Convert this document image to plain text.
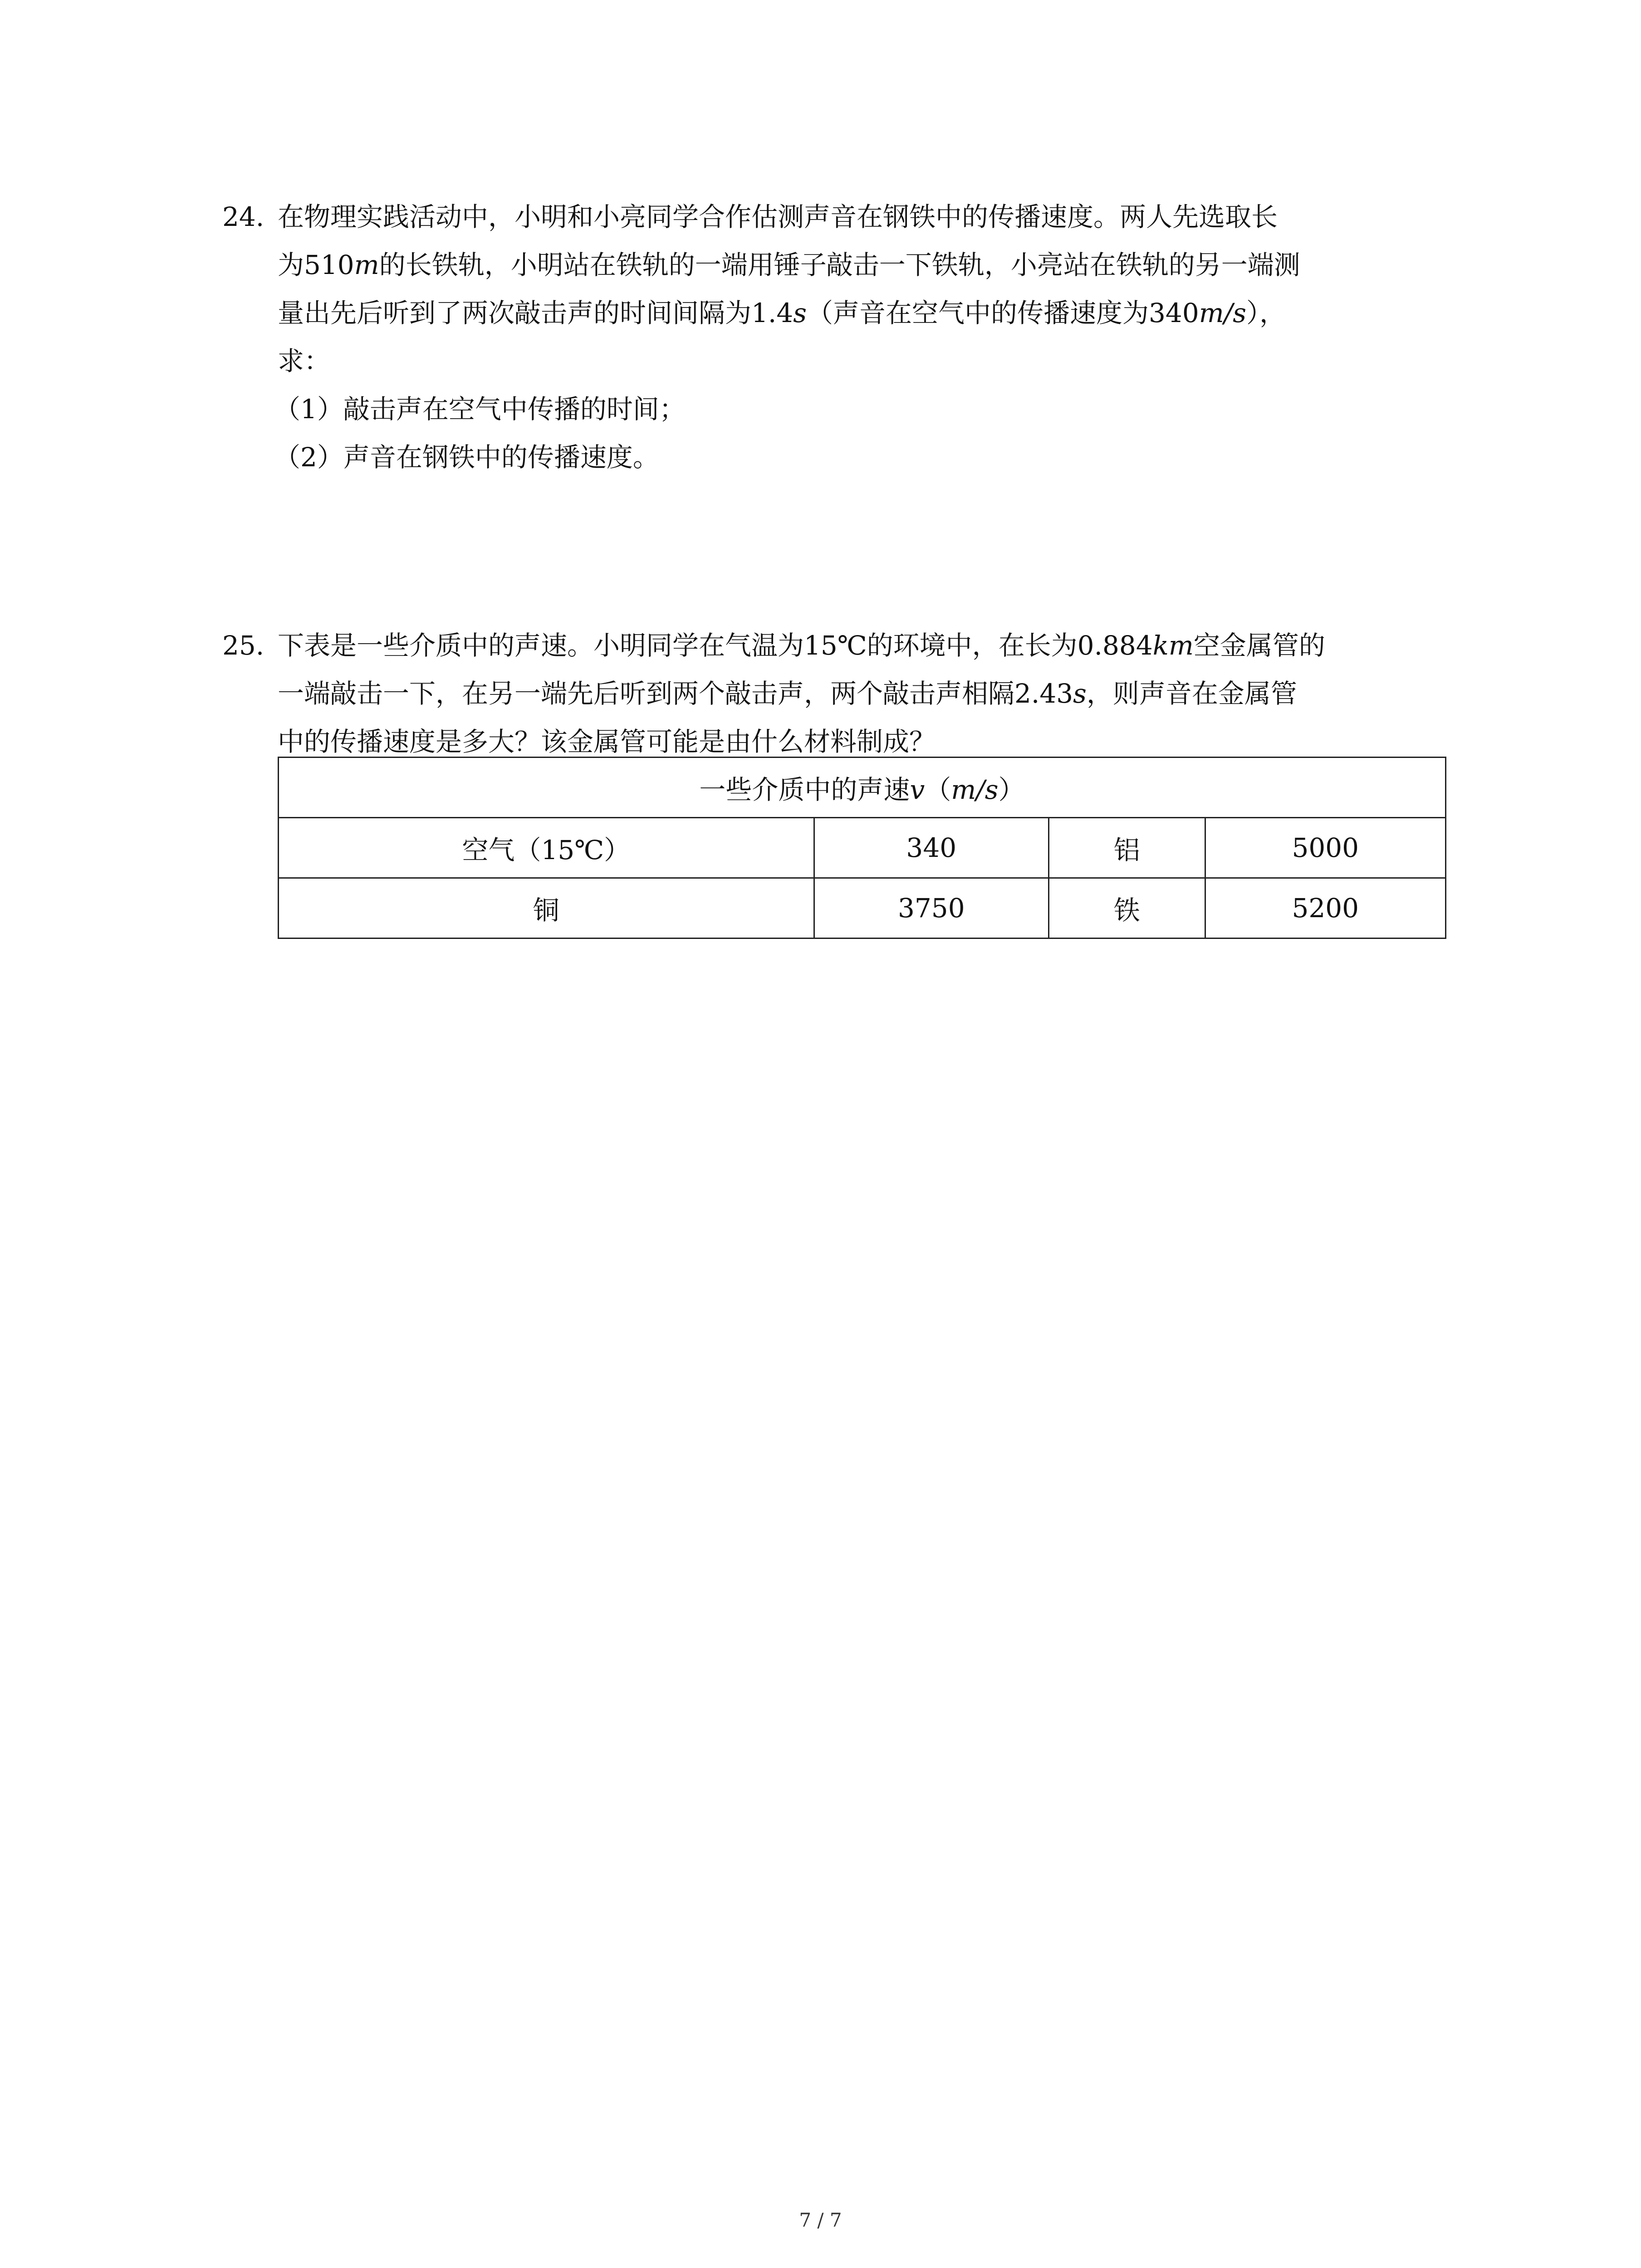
24. 在物理实践活动中，小明和小亮同学合作估测声音在钢铁中的传播速度。两人先选取长
为510m的长铁轨，小明站在铁轨的一端用锤子敲击一下铁轨，小亮站在铁轨的另一端测
量出先后听到了两次敲击声的时间间隔为1.4s（声音在空气中的传播速度为340m/s），
求：
（1）敲击声在空气中传播的时间；
（2）声音在钢铁中的传播速度。
25. 下表是一些介质中的声速。小明同学在气温为15℃的环境中，在长为0.884km空金属管的
一端敲击一下，在另一端先后听到两个敲击声，两个敲击声相隔2.43s，则声音在金属管
中的传播速度是多大？该金属管可能是由什么材料制成？
一些介质中的声速v（m/s）			
空气（15℃）	340	铝	5000
铜	3750	铁	5200
7 / 7
